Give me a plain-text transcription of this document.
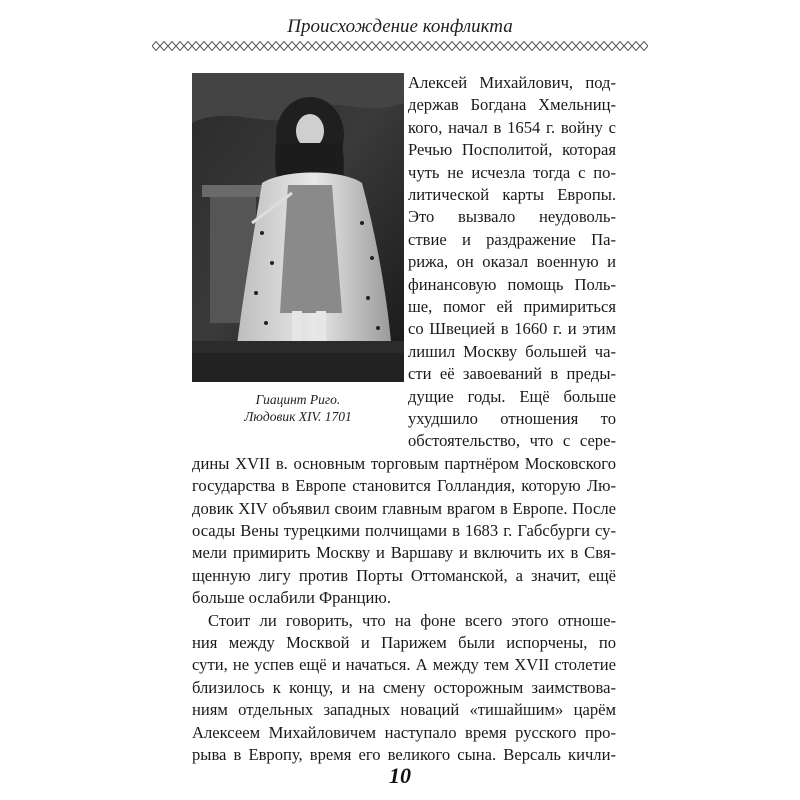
Происхождение конфликта
Гиацинт Риго.
Людовик XIV. 1701
Алексей Михайлович, под-
держав Богдана Хмельниц-
кого, начал в 1654 г. войну с
Речью Посполитой, которая
чуть не исчезла тогда с по-
литической карты Европы.
Это вызвало неудоволь-
ствие и раздражение Па-
рижа, он оказал военную и
финансовую помощь Поль-
ше, помог ей примириться
со Швецией в 1660 г. и этим
лишил Москву большей ча-
сти её завоеваний в преды-
дущие годы. Ещё больше
ухудшило отношения то
обстоятельство, что с сере-
дины XVII в. основным торговым партнёром Московского
государства в Европе становится Голландия, которую Лю-
довик XIV объявил своим главным врагом в Европе. После
осады Вены турецкими полчищами в 1683 г. Габсбурги су-
мели примирить Москву и Варшаву и включить их в Свя-
щенную лигу против Порты Оттоманской, а значит, ещё
больше ослабили Францию.
Стоит ли говорить, что на фоне всего этого отноше-
ния между Москвой и Парижем были испорчены, по
сути, не успев ещё и начаться. А между тем XVII столетие
близилось к концу, и на смену осторожным заимствова-
ниям отдельных западных новаций «тишайшим» царём
Алексеем Михайловичем наступало время русского про-
рыва в Европу, время его великого сына. Версаль кичли-
10
